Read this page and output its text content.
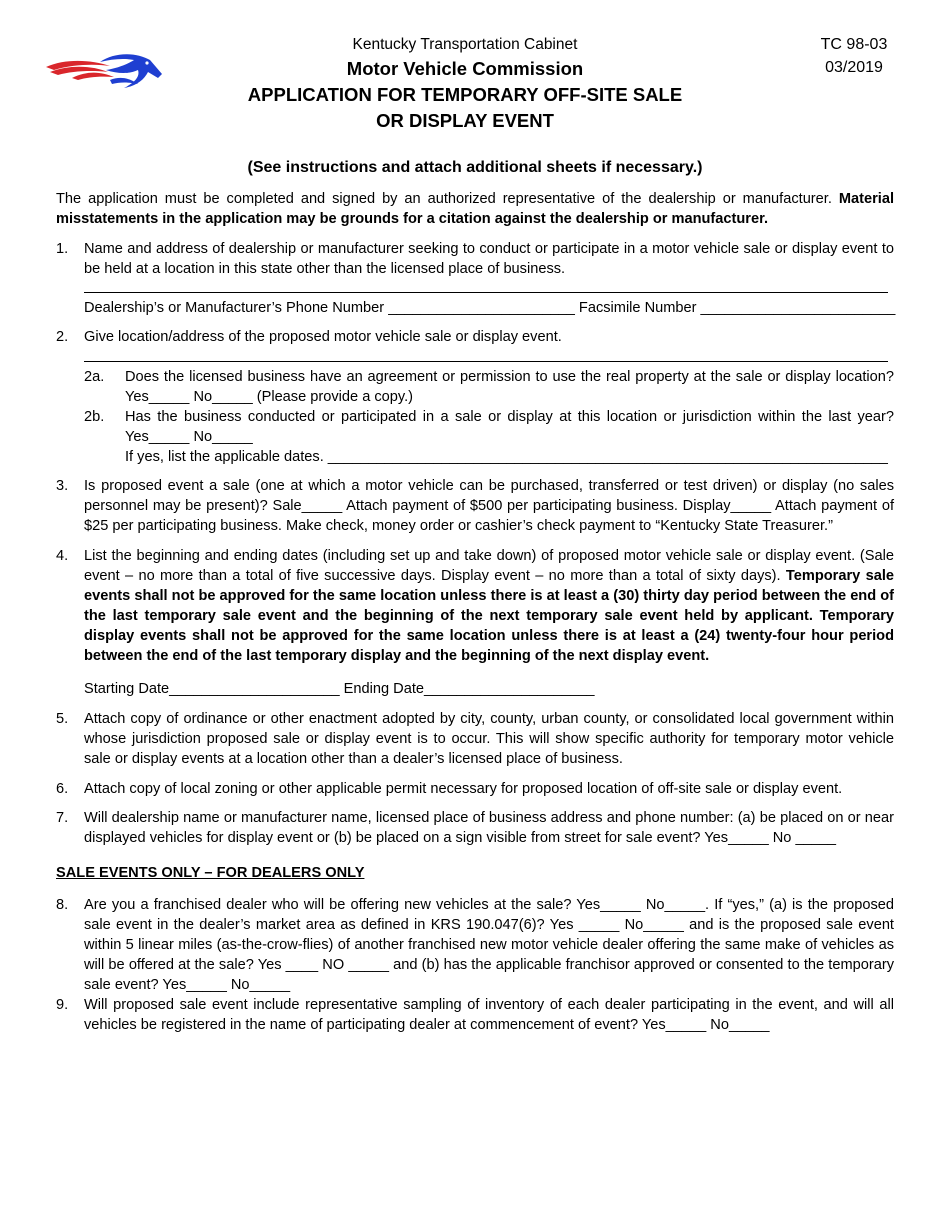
Kentucky Transportation Cabinet
Motor Vehicle Commission
APPLICATION FOR TEMPORARY OFF-SITE SALE
OR DISPLAY EVENT
TC 98-03
03/2019
(See instructions and attach additional sheets if necessary.)
The application must be completed and signed by an authorized representative of the dealership or manufacturer. Material misstatements in the application may be grounds for a citation against the dealership or manufacturer.
1. Name and address of dealership or manufacturer seeking to conduct or participate in a motor vehicle sale or display event to be held at a location in this state other than the licensed place of business.
Dealership’s or Manufacturer’s Phone Number _______________________ Facsimile Number ________________________
2. Give location/address of the proposed motor vehicle sale or display event.
2a. Does the licensed business have an agreement or permission to use the real property at the sale or display location? Yes_____ No_____ (Please provide a copy.)
2b. Has the business conducted or participated in a sale or display at this location or jurisdiction within the last year? Yes_____ No_____
If yes, list the applicable dates. _____________________________________________________________________
3. Is proposed event a sale (one at which a motor vehicle can be purchased, transferred or test driven) or display (no sales personnel may be present)? Sale_____ Attach payment of $500 per participating business. Display_____ Attach payment of $25 per participating business. Make check, money order or cashier’s check payment to “Kentucky State Treasurer.”
4. List the beginning and ending dates (including set up and take down) of proposed motor vehicle sale or display event. (Sale event – no more than a total of five successive days. Display event – no more than a total of sixty days). Temporary sale events shall not be approved for the same location unless there is at least a (30) thirty day period between the end of the last temporary sale event and the beginning of the next temporary sale event held by applicant. Temporary display events shall not be approved for the same location unless there is at least a (24) twenty-four hour period between the end of the last temporary display and the beginning of the next display event.
Starting Date_____________________ Ending Date_____________________
5. Attach copy of ordinance or other enactment adopted by city, county, urban county, or consolidated local government within whose jurisdiction proposed sale or display event is to occur. This will show specific authority for temporary motor vehicle sale or display events at a location other than a dealer’s licensed place of business.
6. Attach copy of local zoning or other applicable permit necessary for proposed location of off-site sale or display event.
7. Will dealership name or manufacturer name, licensed place of business address and phone number: (a) be placed on or near displayed vehicles for display event or (b) be placed on a sign visible from street for sale event? Yes_____ No _____
SALE EVENTS ONLY – FOR DEALERS ONLY
8. Are you a franchised dealer who will be offering new vehicles at the sale? Yes_____ No_____. If “yes,” (a) is the proposed sale event in the dealer’s market area as defined in KRS 190.047(6)? Yes _____ No_____ and is the proposed sale event within 5 linear miles (as-the-crow-flies) of another franchised new motor vehicle dealer offering the same make of vehicles as will be offered at the sale? Yes ____ NO _____ and (b) has the applicable franchisor approved or consented to the temporary sale event? Yes_____ No_____
9. Will proposed sale event include representative sampling of inventory of each dealer participating in the event, and will all vehicles be registered in the name of participating dealer at commencement of event? Yes_____ No_____
